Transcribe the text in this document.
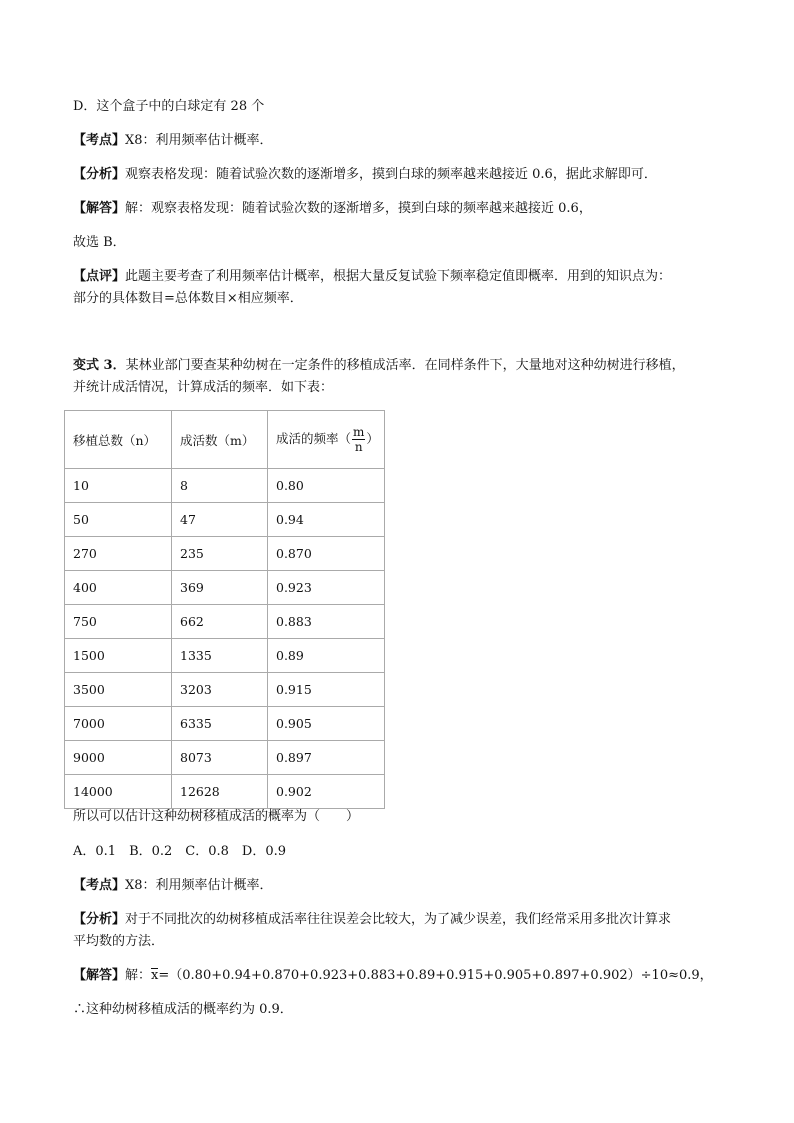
D．这个盒子中的白球定有 28 个
【考点】X8：利用频率估计概率．
【分析】观察表格发现：随着试验次数的逐渐增多，摸到白球的频率越来越接近 0.6，据此求解即可．
【解答】解：观察表格发现：随着试验次数的逐渐增多，摸到白球的频率越来越接近 0.6，
故选 B．
【点评】此题主要考查了利用频率估计概率，根据大量反复试验下频率稳定值即概率．用到的知识点为：
部分的具体数目=总体数目×相应频率．
变式 3．某林业部门要查某种幼树在一定条件的移植成活率．在同样条件下，大量地对这种幼树进行移植，
并统计成活情况，计算成活的频率．如下表：
移植总数（n）	成活数（m）	成活的频率（ $\frac{m}{n}$ ）
10	8	0.80
50	47	0.94
270	235	0.870
400	369	0.923
750	662	0.883
1500	1335	0.89
3500	3203	0.915
7000	6335	0.905
9000	8073	0.897
14000	12628	0.902
所以可以估计这种幼树移植成活的概率为（　　）
A．0.1　B．0.2　C．0.8　D．0.9
【考点】X8：利用频率估计概率．
【分析】对于不同批次的幼树移植成活率往往误差会比较大，为了减少误差，我们经常采用多批次计算求
平均数的方法．
【解答】解：x=（0.80+0.94+0.870+0.923+0.883+0.89+0.915+0.905+0.897+0.902）÷10≈0.9，
∴这种幼树移植成活的概率约为 0.9．
